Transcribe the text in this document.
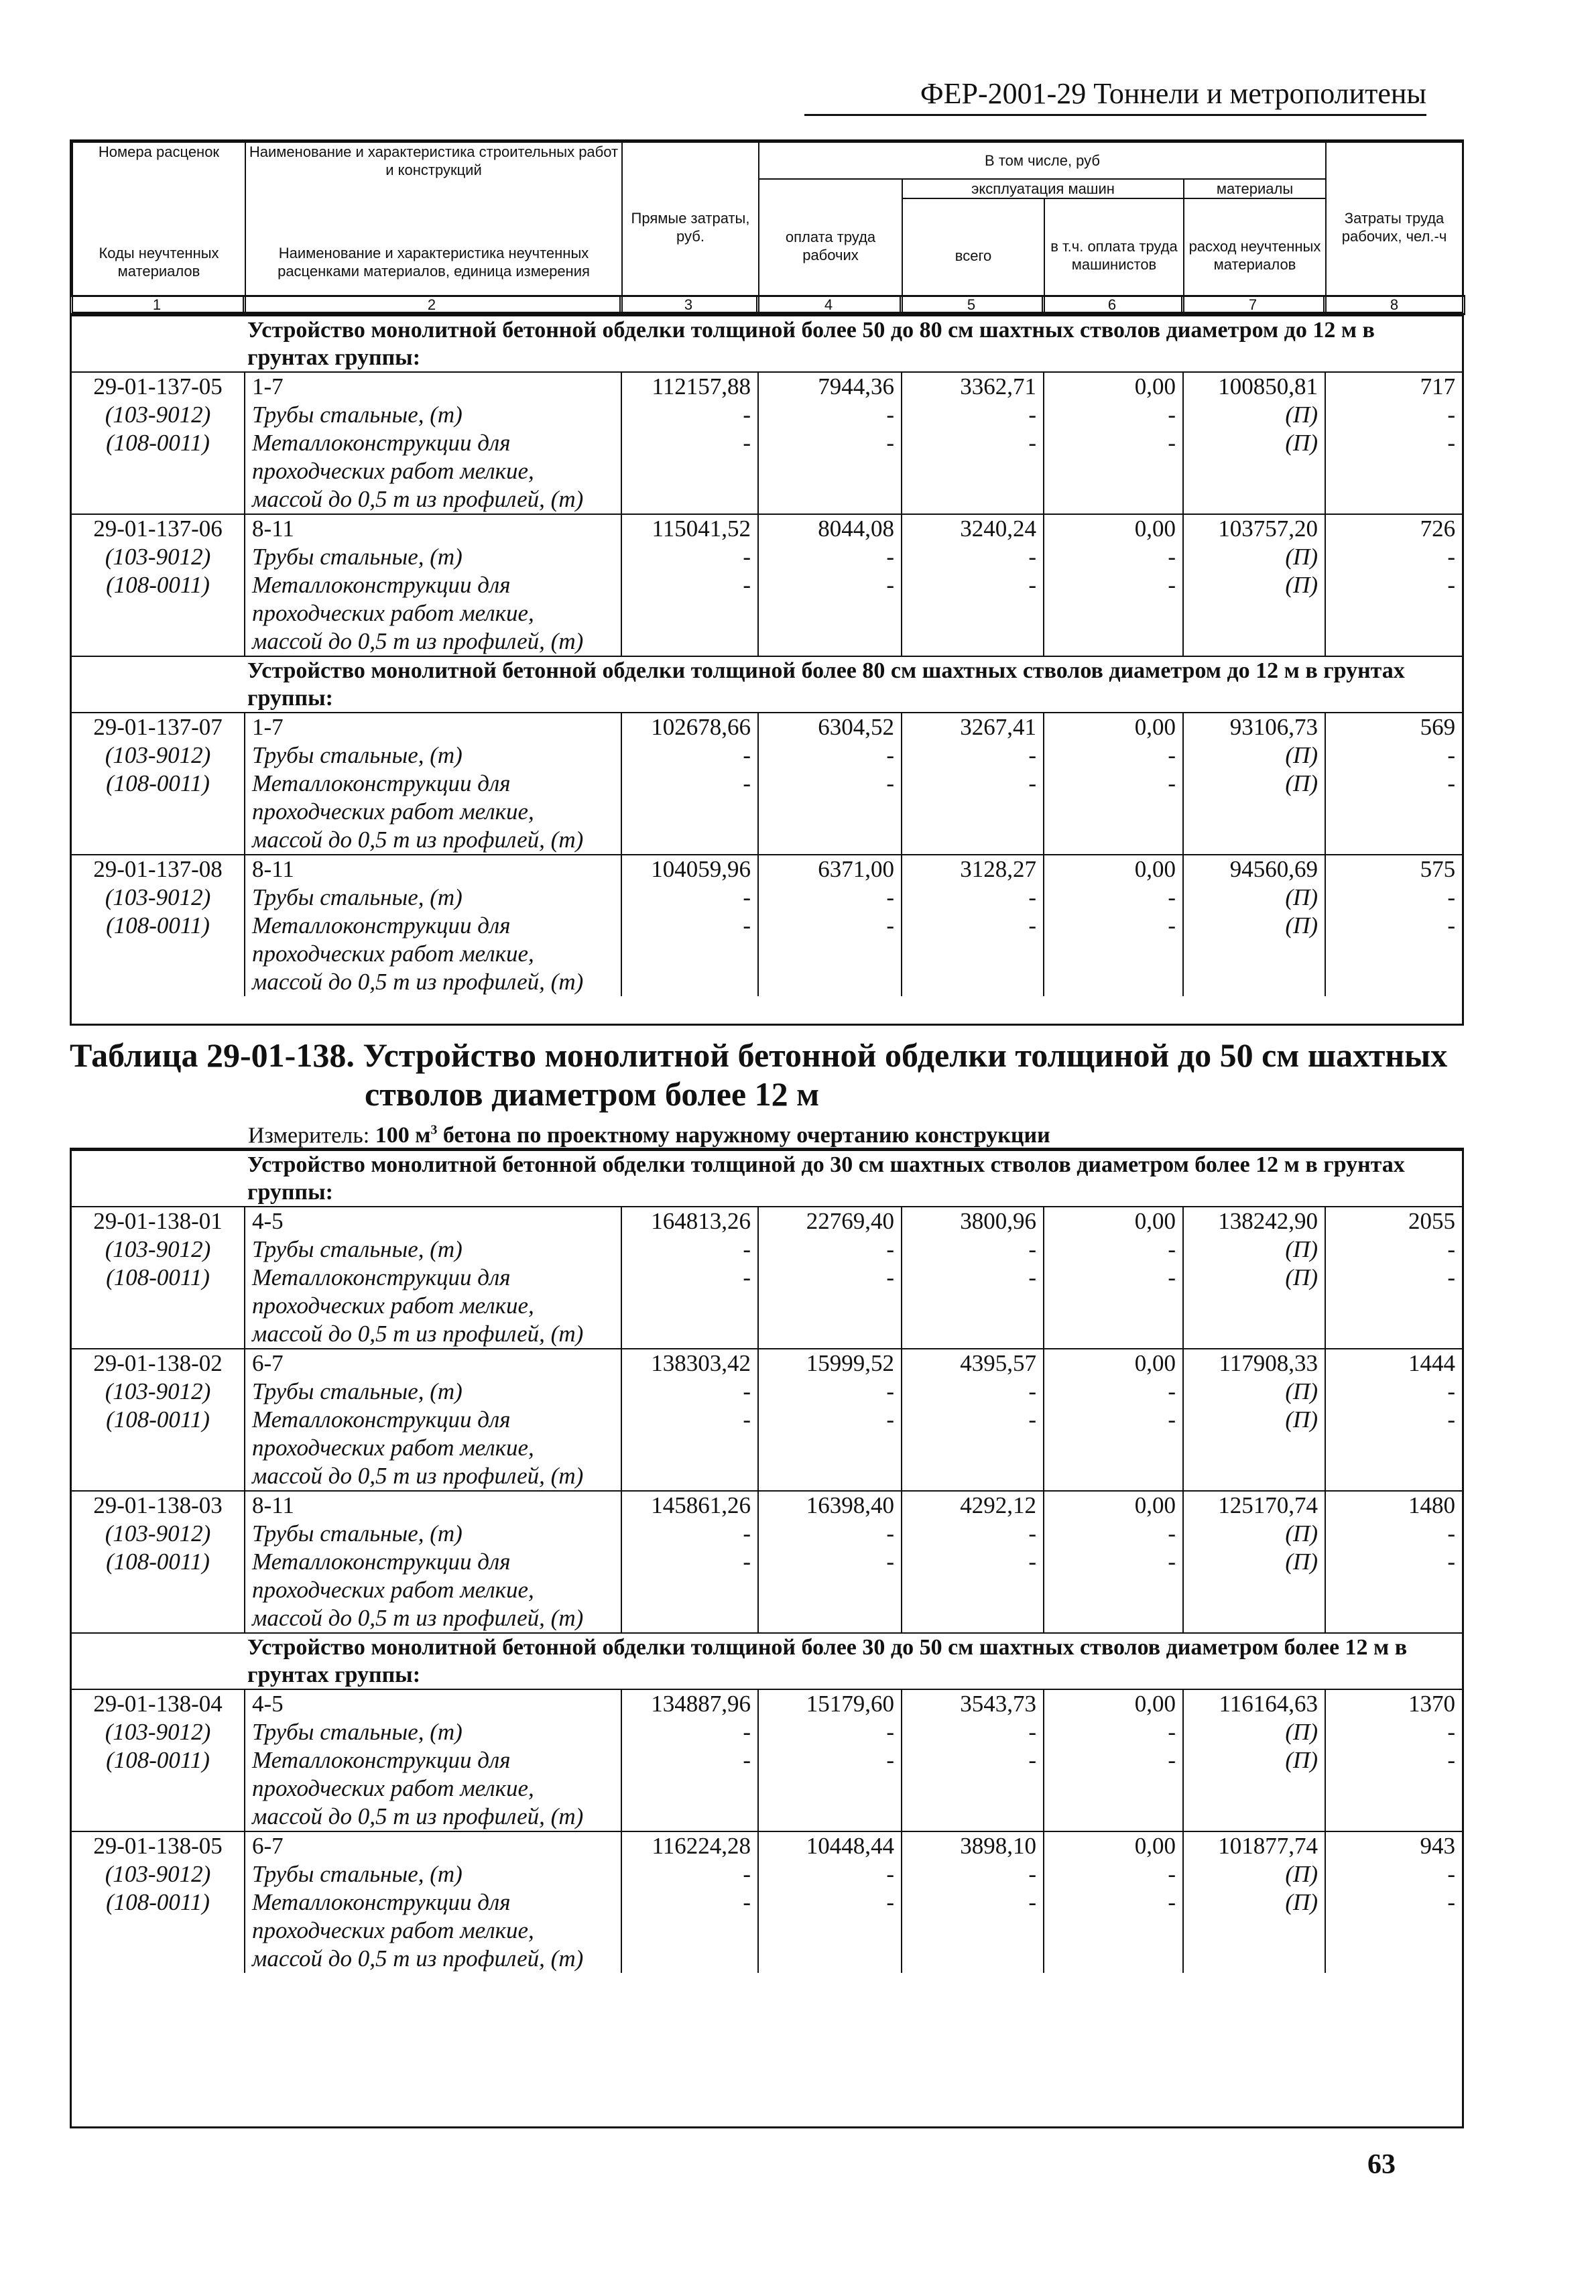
ФЕР-2001-29 Тоннели и метрополитены
Номера расценок	Наименование и характеристика строительных работ и конструкций	Прямые затраты, руб.	В том числе, руб				Затраты труда рабочих, чел.-ч
			оплата труда рабочих	эксплуатация машин		материалы	
				всего	в т.ч. оплата труда машинистов	расход неучтенных материалов	
Коды неучтенных материалов	Наименование и характеристика неучтенных расценками материалов, единица измерения						
1	2	3	4	5	6	7	8
Устройство монолитной бетонной обделки толщиной более 50 до 80 см шахтных стволов диаметром до 12 м в грунтах группы:							
29-01-137-05	1-7	112157,88	7944,36	3362,71	0,00	100850,81	717
(103-9012)	Трубы стальные, (т)	-	-	-	-	(П)	-
(108-0011)	Металлоконструкции для	-	-	-	-	(П)	-
	проходческих работ мелкие,						
	массой до 0,5 т из профилей, (т)						
29-01-137-06	8-11	115041,52	8044,08	3240,24	0,00	103757,20	726
(103-9012)	Трубы стальные, (т)	-	-	-	-	(П)	-
(108-0011)	Металлоконструкции для	-	-	-	-	(П)	-
	проходческих работ мелкие,						
	массой до 0,5 т из профилей, (т)						
Устройство монолитной бетонной обделки толщиной более 80 см шахтных стволов диаметром до 12 м в грунтах группы:							
29-01-137-07	1-7	102678,66	6304,52	3267,41	0,00	93106,73	569
(103-9012)	Трубы стальные, (т)	-	-	-	-	(П)	-
(108-0011)	Металлоконструкции для	-	-	-	-	(П)	-
	проходческих работ мелкие,						
	массой до 0,5 т из профилей, (т)						
29-01-137-08	8-11	104059,96	6371,00	3128,27	0,00	94560,69	575
(103-9012)	Трубы стальные, (т)	-	-	-	-	(П)	-
(108-0011)	Металлоконструкции для	-	-	-	-	(П)	-
	проходческих работ мелкие,						
	массой до 0,5 т из профилей, (т)						
Таблица 29-01-138. Устройство монолитной бетонной обделки толщиной до 50 см шахтных
стволов диаметром более 12 м
Измеритель: 100 $м^3$ бетона по проектному наружному очертанию конструкции
Устройство монолитной бетонной обделки толщиной до 30 см шахтных стволов диаметром более 12 м в грунтах группы:							
29-01-138-01	4-5	164813,26	22769,40	3800,96	0,00	138242,90	2055
(103-9012)	Трубы стальные, (т)	-	-	-	-	(П)	-
(108-0011)	Металлоконструкции для	-	-	-	-	(П)	-
	проходческих работ мелкие,						
	массой до 0,5 т из профилей, (т)						
29-01-138-02	6-7	138303,42	15999,52	4395,57	0,00	117908,33	1444
(103-9012)	Трубы стальные, (т)	-	-	-	-	(П)	-
(108-0011)	Металлоконструкции для	-	-	-	-	(П)	-
	проходческих работ мелкие,						
	массой до 0,5 т из профилей, (т)						
29-01-138-03	8-11	145861,26	16398,40	4292,12	0,00	125170,74	1480
(103-9012)	Трубы стальные, (т)	-	-	-	-	(П)	-
(108-0011)	Металлоконструкции для	-	-	-	-	(П)	-
	проходческих работ мелкие,						
	массой до 0,5 т из профилей, (т)						
Устройство монолитной бетонной обделки толщиной более 30 до 50 см шахтных стволов диаметром более 12 м в грунтах группы:							
29-01-138-04	4-5	134887,96	15179,60	3543,73	0,00	116164,63	1370
(103-9012)	Трубы стальные, (т)	-	-	-	-	(П)	-
(108-0011)	Металлоконструкции для	-	-	-	-	(П)	-
	проходческих работ мелкие,						
	массой до 0,5 т из профилей, (т)						
29-01-138-05	6-7	116224,28	10448,44	3898,10	0,00	101877,74	943
(103-9012)	Трубы стальные, (т)	-	-	-	-	(П)	-
(108-0011)	Металлоконструкции для	-	-	-	-	(П)	-
	проходческих работ мелкие,						
	массой до 0,5 т из профилей, (т)						
63
